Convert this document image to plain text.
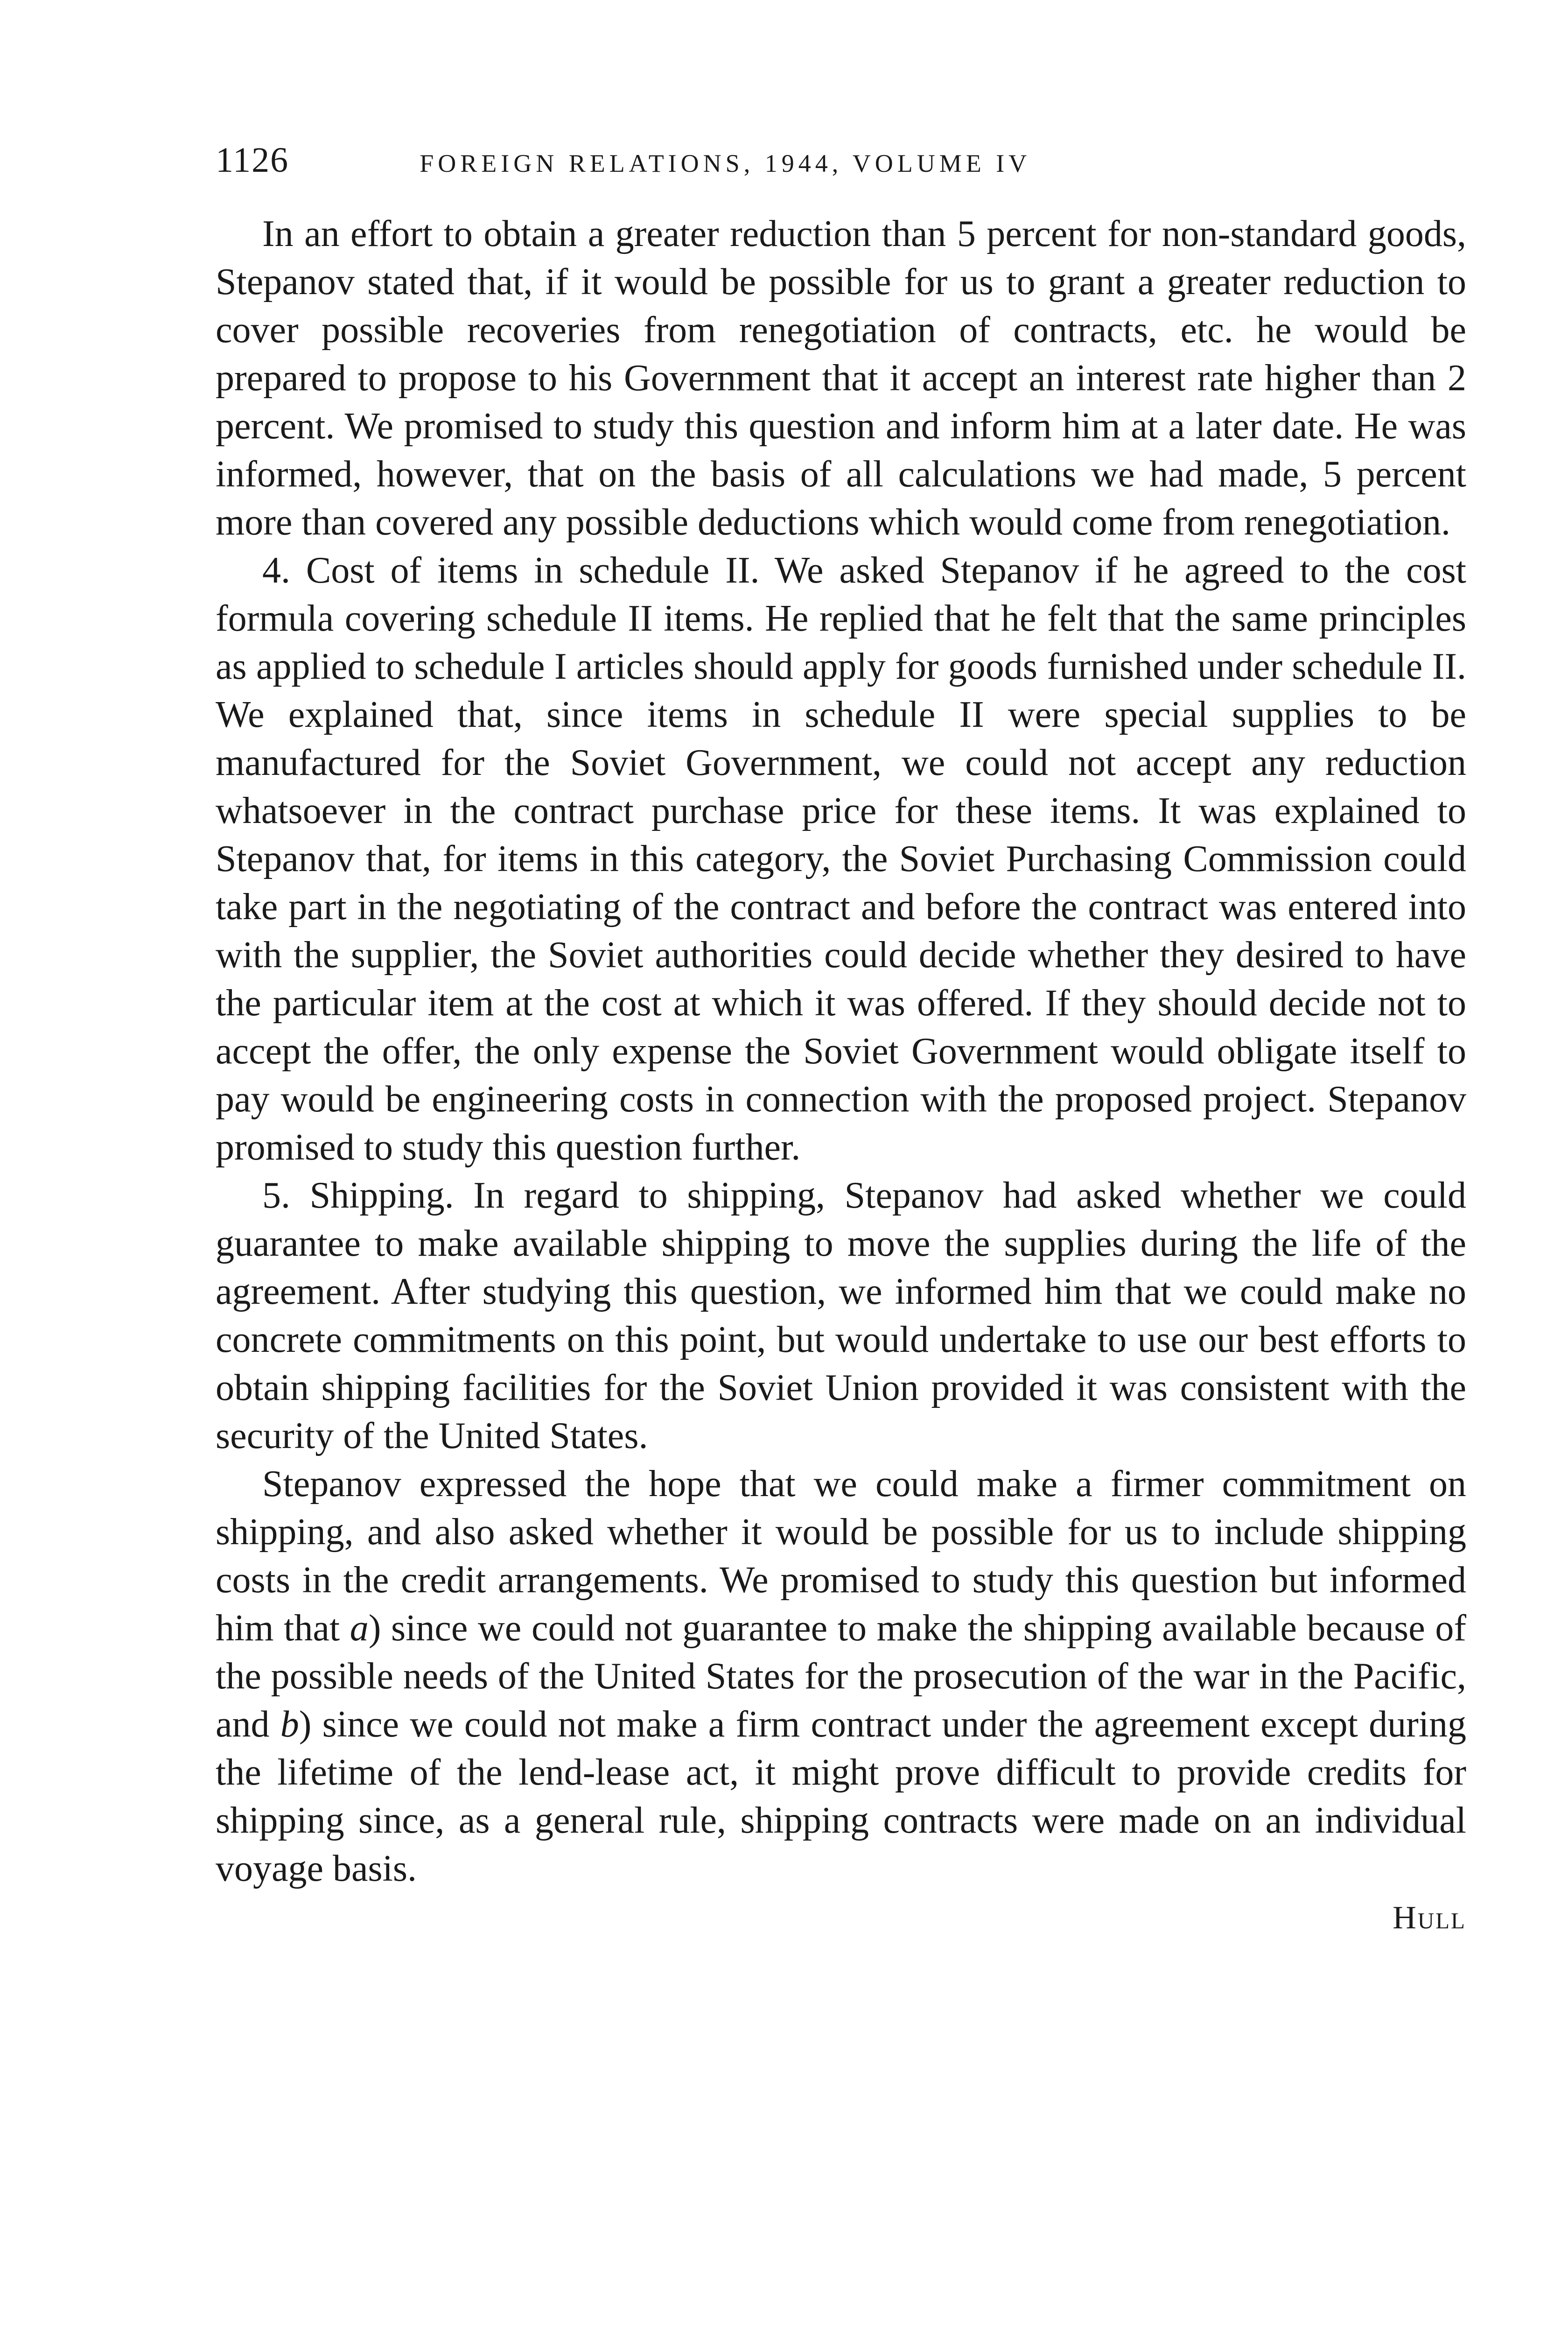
1126	FOREIGN RELATIONS, 1944, VOLUME IV

In an effort to obtain a greater reduction than 5 percent for non-standard goods, Stepanov stated that, if it would be possible for us to grant a greater reduction to cover possible recoveries from renegotiation of contracts, etc. he would be prepared to propose to his Government that it accept an interest rate higher than 2 percent. We promised to study this question and inform him at a later date. He was informed, however, that on the basis of all calculations we had made, 5 percent more than covered any possible deductions which would come from renegotiation.

4. Cost of items in schedule II. We asked Stepanov if he agreed to the cost formula covering schedule II items. He replied that he felt that the same principles as applied to schedule I articles should apply for goods furnished under schedule II. We explained that, since items in schedule II were special supplies to be manufactured for the Soviet Government, we could not accept any reduction whatsoever in the contract purchase price for these items. It was explained to Stepanov that, for items in this category, the Soviet Purchasing Commission could take part in the negotiating of the contract and before the contract was entered into with the supplier, the Soviet authorities could decide whether they desired to have the particular item at the cost at which it was offered. If they should decide not to accept the offer, the only expense the Soviet Government would obligate itself to pay would be engineering costs in connection with the proposed project. Stepanov promised to study this question further.

5. Shipping. In regard to shipping, Stepanov had asked whether we could guarantee to make available shipping to move the supplies during the life of the agreement. After studying this question, we informed him that we could make no concrete commitments on this point, but would undertake to use our best efforts to obtain shipping facilities for the Soviet Union provided it was consistent with the security of the United States.

Stepanov expressed the hope that we could make a firmer commitment on shipping, and also asked whether it would be possible for us to include shipping costs in the credit arrangements. We promised to study this question but informed him that a) since we could not guarantee to make the shipping available because of the possible needs of the United States for the prosecution of the war in the Pacific, and b) since we could not make a firm contract under the agreement except during the lifetime of the lend-lease act, it might prove difficult to provide credits for shipping since, as a general rule, shipping contracts were made on an individual voyage basis.

Hull
